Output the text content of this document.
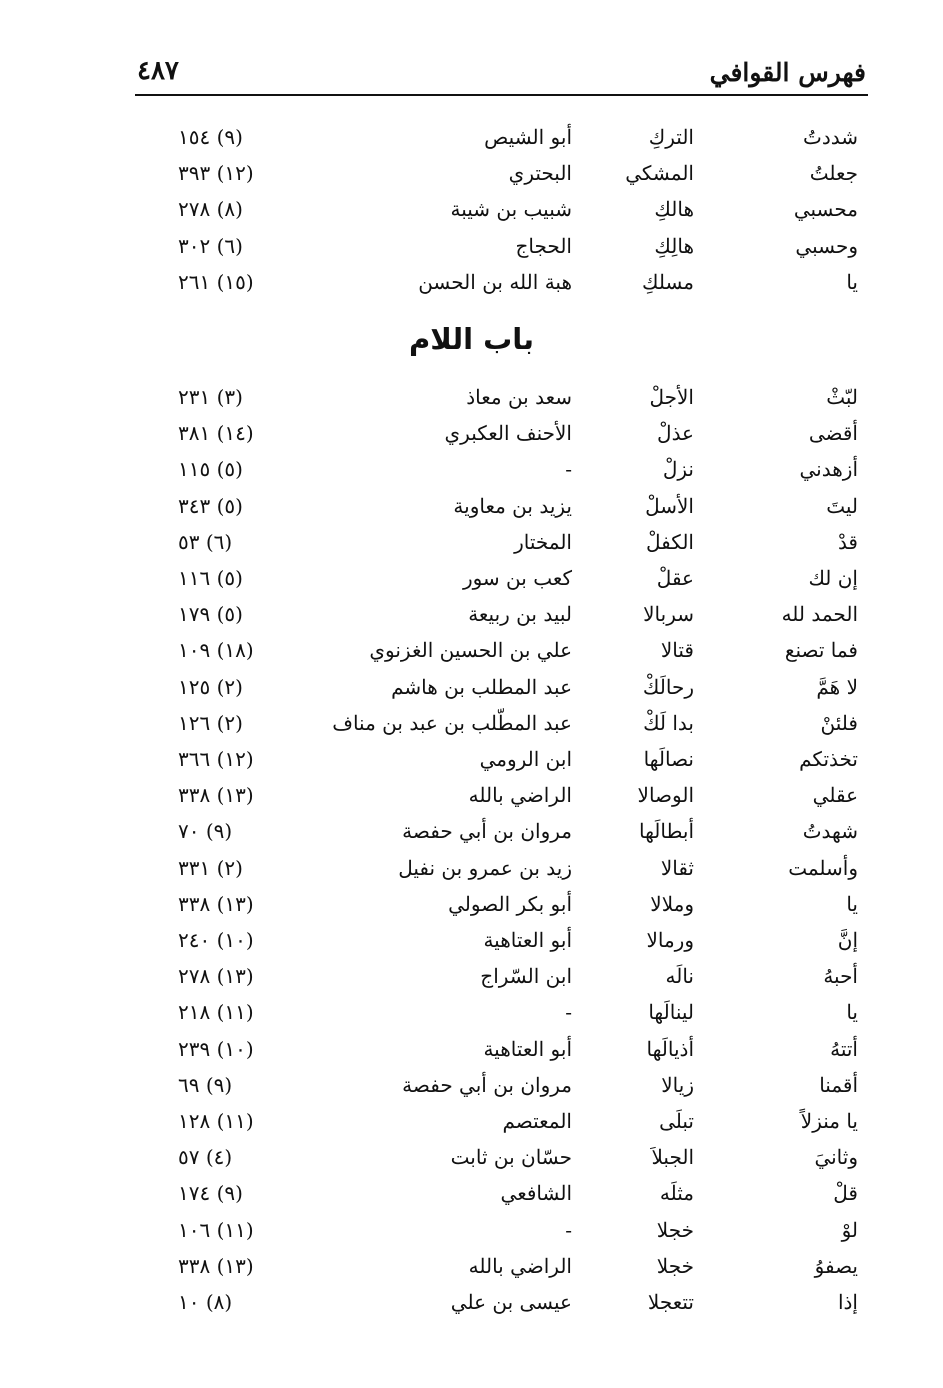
فهرس القوافي
٤٨٧
باب اللام
شددتُ
التركِ
أبو الشيص
(٩) ١٥٤
جعلتُ
المشكي
البحتري
(١٢) ٣٩٣
محسبي
هالكِ
شبيب بن شيبة
(٨) ٢٧٨
وحسبي
هالِكِ
الحجاج
(٦) ٣٠٢
يا
مسلكِ
هبة الله بن الحسن
(١٥) ٢٦١
لبّثْ
الأجلْ
سعد بن معاذ
(٣) ٢٣١
أقضى
عذلْ
الأحنف العكبري
(١٤) ٣٨١
أزهدني
نزلْ
-
(٥) ١١٥
ليتَ
الأسلْ
يزيد بن معاوية
(٥) ٣٤٣
قدْ
الكفلْ
المختار
(٦) ٥٣
إن لك
عقلْ
كعب بن سور
(٥) ١١٦
الحمد لله
سربالا
لبيد بن ربيعة
(٥) ١٧٩
فما تصنع
قتالا
علي بن الحسين الغزنوي
(١٨) ١٠٩
لا هَمَّ
رحالَكْ
عبد المطلب بن هاشم
(٢) ١٢٥
فلئنْ
بدا لَكْ
عبد المطّلب بن عبد بن مناف
(٢) ١٢٦
تخذتكم
نصالَها
ابن الرومي
(١٢) ٣٦٦
عقلي
الوصالا
الراضي بالله
(١٣) ٣٣٨
شهدتُ
أبطالَها
مروان بن أبي حفصة
(٩) ٧٠
وأسلمت
ثقالا
زيد بن عمرو بن نفيل
(٢) ٣٣١
يا
وملالا
أبو بكر الصولي
(١٣) ٣٣٨
إنَّ
ورمالا
أبو العتاهية
(١٠) ٢٤٠
أحبهُ
نالَه
ابن السّراج
(١٣) ٢٧٨
يا
لينالَها
-
(١١) ٢١٨
أتتهُ
أذيالَها
أبو العتاهية
(١٠) ٢٣٩
أقمنا
زيالا
مروان بن أبي حفصة
(٩) ٦٩
يا منزلاً
تبلَى
المعتصم
(١١) ١٢٨
وثانيَ
الجبلاَ
حسّان بن ثابت
(٤) ٥٧
قلْ
مثلَه
الشافعي
(٩) ١٧٤
لوْ
خجلا
-
(١١) ١٠٦
يصفوُ
خجلا
الراضي بالله
(١٣) ٣٣٨
إذا
تتعجلا
عيسى بن علي
(٨) ١٠
